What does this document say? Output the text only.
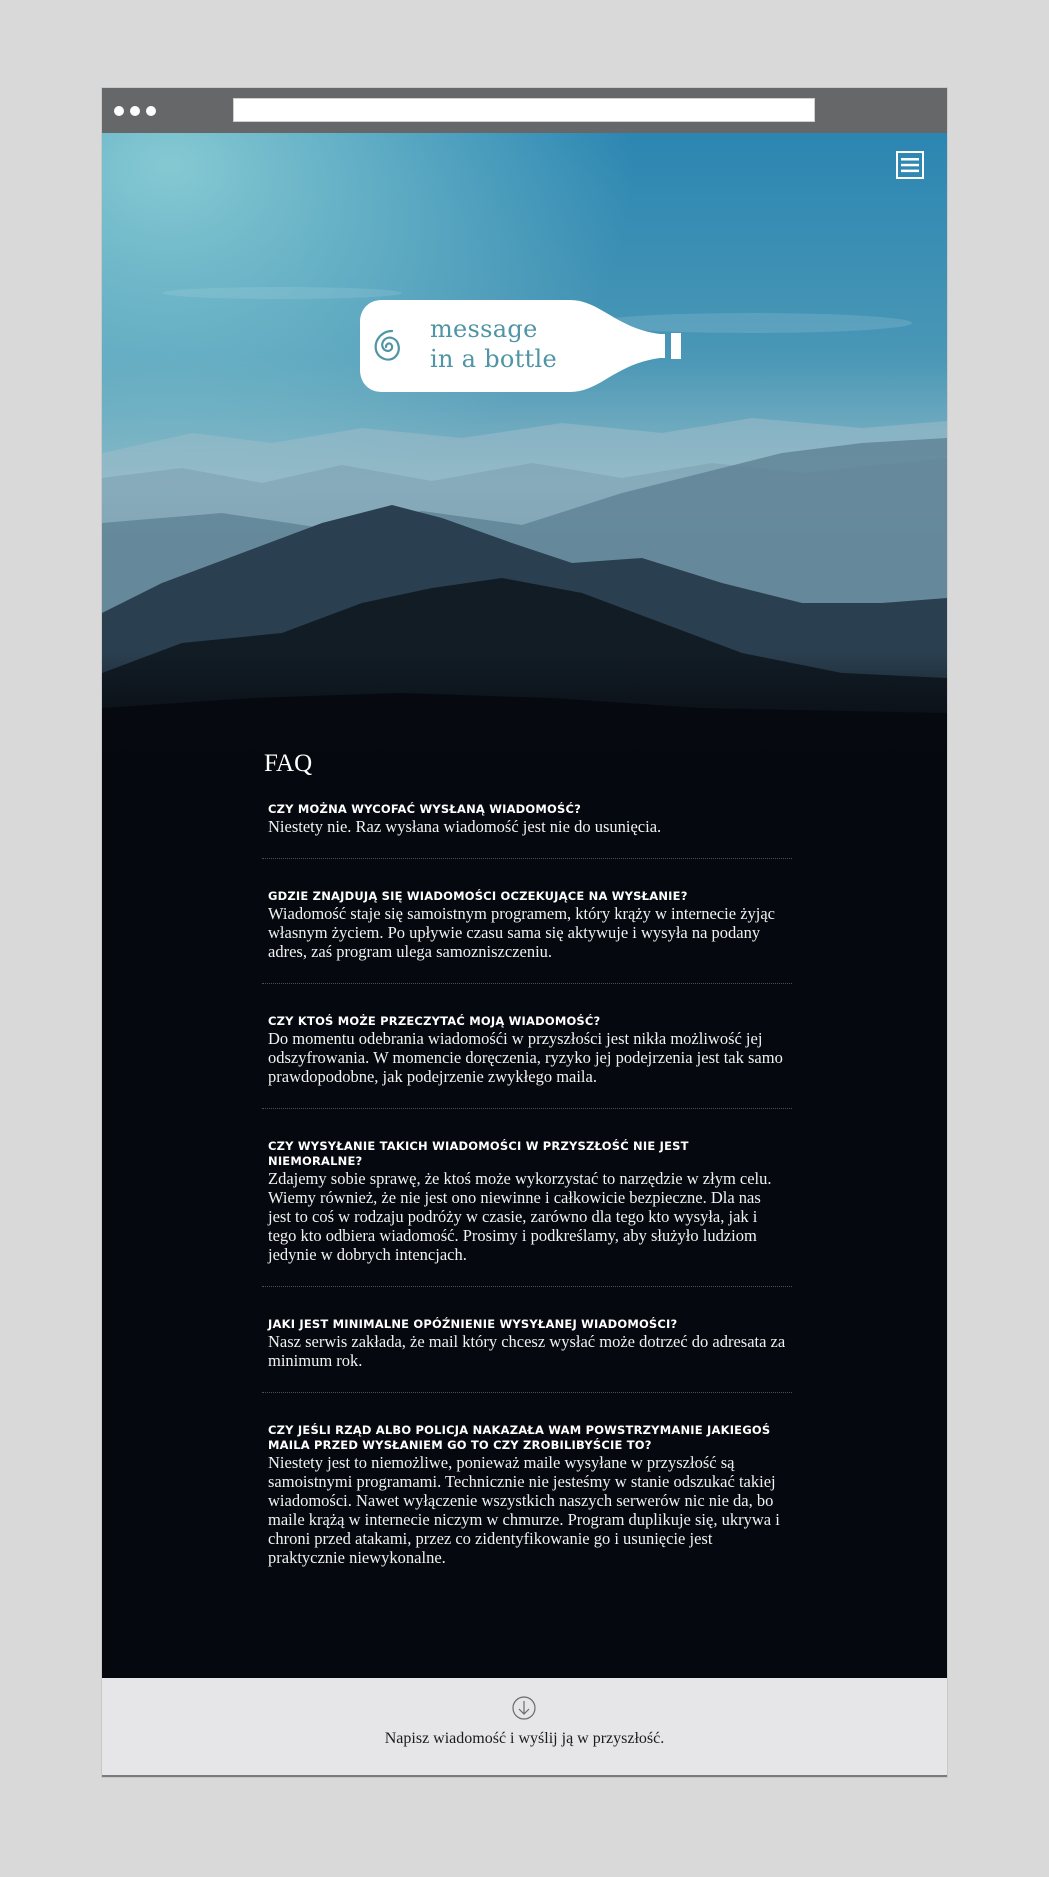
message
in a bottle
FAQ
CZY MOŻNA WYCOFAĆ WYSŁANĄ WIADOMOŚĆ?
Niestety nie. Raz wysłana wiadomość jest nie do usunięcia.
GDZIE ZNAJDUJĄ SIĘ WIADOMOŚCI OCZEKUJĄCE NA WYSŁANIE?
Wiadomość staje się samoistnym programem, który krąży w internecie żyjąc własnym życiem. Po upływie czasu sama się aktywuje i wysyła na podany adres, zaś program ulega samozniszczeniu.
CZY KTOŚ MOŻE PRZECZYTAĆ MOJĄ WIADOMOŚĆ?
Do momentu odebrania wiadomośći w przyszłości jest nikła możliwość jej odszyfrowania. W momencie doręczenia, ryzyko jej podejrzenia jest tak samo prawdopodobne, jak podejrzenie zwykłego maila.
CZY WYSYŁANIE TAKICH WIADOMOŚCI W PRZYSZŁOŚĆ NIE JEST NIEMORALNE?
Zdajemy sobie sprawę, że ktoś może wykorzystać to narzędzie w złym celu. Wiemy również, że nie jest ono niewinne i całkowicie bezpieczne. Dla nas jest to coś w rodzaju podróży w czasie, zarówno dla tego kto wysyła, jak i tego kto odbiera wiadomość. Prosimy i podkreślamy, aby służyło ludziom jedynie w dobrych intencjach.
JAKI JEST MINIMALNE OPÓŹNIENIE WYSYŁANEJ WIADOMOŚCI?
Nasz serwis zakłada, że mail który chcesz wysłać może dotrzeć do adresata za minimum rok.
CZY JEŚLI RZĄD ALBO POLICJA NAKAZAŁA WAM POWSTRZYMANIE JAKIEGOŚ MAILA PRZED WYSŁANIEM GO TO CZY ZROBILIBYŚCIE TO?
Niestety jest to niemożliwe, ponieważ maile wysyłane w przyszłość są samoistnymi programami. Technicznie nie jesteśmy w stanie odszukać takiej wiadomości. Nawet wyłączenie wszystkich naszych serwerów nic nie da, bo maile krążą w internecie niczym w chmurze. Program duplikuje się, ukrywa i chroni przed atakami, przez co zidentyfikowanie go i usunięcie jest praktycznie niewykonalne.
Napisz wiadomość i wyślij ją w przyszłość.
